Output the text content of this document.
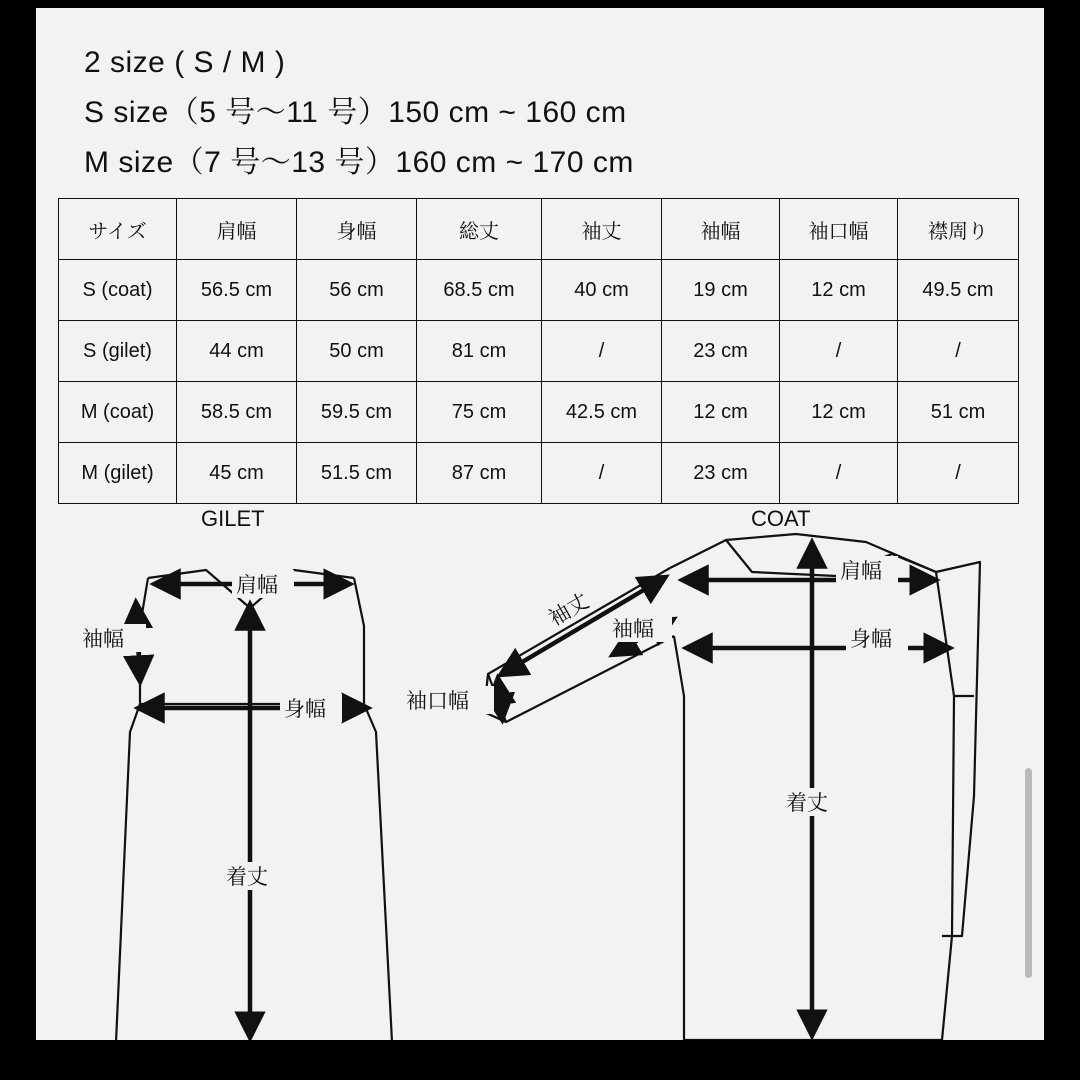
2 size ( S / M )
S size（5 号〜11 号）150 cm ~ 160 cm
M size（7 号〜13 号）160 cm ~ 170 cm
サイズ	肩幅	身幅	総丈	袖丈	袖幅	袖口幅	襟周り
S (coat)	56.5 cm	56 cm	68.5 cm	40 cm	19 cm	12 cm	49.5 cm
S (gilet)	44 cm	50 cm	81 cm	/	23 cm	/	/
M (coat)	58.5 cm	59.5 cm	75 cm	42.5 cm	12 cm	12 cm	51 cm
M (gilet)	45 cm	51.5 cm	87 cm	/	23 cm	/	/
GILET	COAT
肩幅
袖幅
身幅
着丈
袖丈 袖幅
袖口幅
肩幅
身幅
着丈
